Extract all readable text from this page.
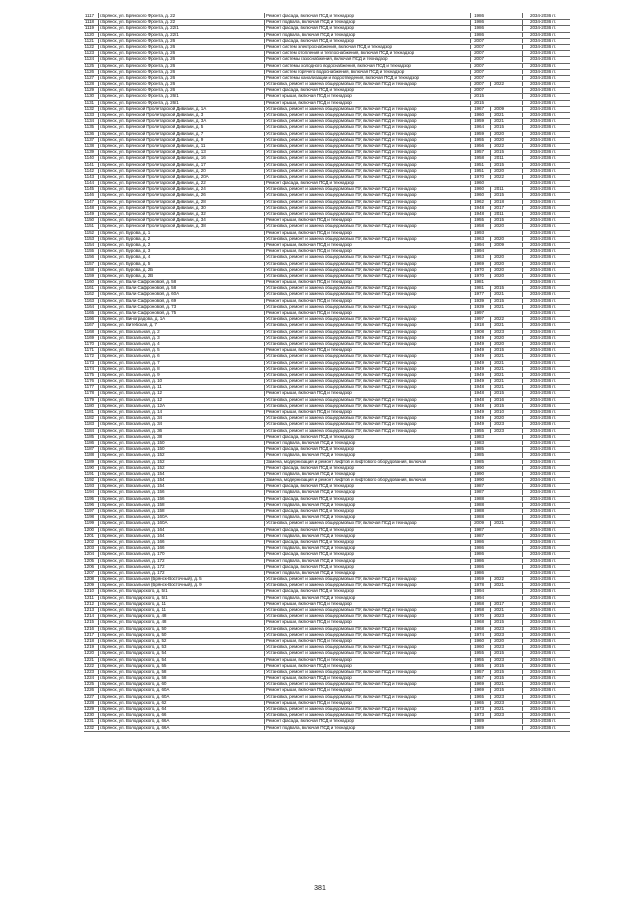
1117	г.Брянск, ул. Брянского Фронта, д. 22	Ремонт фасада, включая ПСД и технадзор	1986	2034-2036 гг.
1118	г.Брянск, ул. Брянского Фронта, д. 22	Ремонт подвала, включая ПСД и технадзор	1986	2034-2036 гг.
1119	г.Брянск, ул. Брянского Фронта, д. 22/1	Ремонт фасада, включая ПСД и технадзор	1986	2034-2036 гг.
1120	г.Брянск, ул. Брянского Фронта, д. 22/1	Ремонт подвала, включая ПСД и технадзор	1986	2034-2036 гг.
1121	г.Брянск, ул. Брянского Фронта, д. 26	Ремонт фасада, включая ПСД и технадзор	2007	2034-2036 гг.
1122	г.Брянск, ул. Брянского Фронта, д. 26	Ремонт систем электроснабжения, включая ПСД и технадзор	2007	2034-2036 гг.
1123	г.Брянск, ул. Брянского Фронта, д. 26	Ремонт систем отопления и теплоснабжения, включая ПСД и технадзор	2007	2034-2036 гг.
1124	г.Брянск, ул. Брянского Фронта, д. 26	Ремонт системы газоснабжения, включая ПСД и технадзор	2007	2034-2036 гг.
1125	г.Брянск, ул. Брянского Фронта, д. 26	Ремонт системы холодного водоснабжения, включая ПСД и технадзор	2007	2034-2036 гг.
1126	г.Брянск, ул. Брянского Фронта, д. 26	Ремонт систем горячего водоснабжения, включая ПСД и технадзор	2007	2034-2036 гг.
1127	г.Брянск, ул. Брянского Фронта, д. 26	Ремонт системы канализации и водоотведения, включая ПСД и технадзор	2007	2034-2036 гг.
1128	г.Брянск, ул. Брянского Фронта, д. 26	Установка, ремонт и замена общедомовых ПУ, включая ПСД и технадзор	2007	2022	2034-2036 гг.
1129	г.Брянск, ул. Брянского Фронта, д. 26	Ремонт фасада, включая ПСД и технадзор	2007	2034-2036 гг.
1130	г.Брянск, ул. Брянского Фронта, д. 26/1	Ремонт крыши, включая ПСД и технадзор	2015	2034-2036 гг.
1131	г.Брянск, ул. Брянского Фронта, д. 26/1	Ремонт крыши, включая ПСД и технадзор	2015	2034-2036 гг.
1132	г.Брянск, ул. Брянской Пролетарской Дивизии, д. 1А	Установка, ремонт и замена общедомовых ПУ, включая ПСД и технадзор	1967	2009	2034-2036 гг.
1133	г.Брянск, ул. Брянской Пролетарской Дивизии, д. 3	Установка, ремонт и замена общедомовых ПУ, включая ПСД и технадзор	1960	2021	2034-2036 гг.
1134	г.Брянск, ул. Брянской Пролетарской Дивизии, д. 3А	Установка, ремонт и замена общедомовых ПУ, включая ПСД и технадзор	1959	2021	2034-2036 гг.
1135	г.Брянск, ул. Брянской Пролетарской Дивизии, д. 5	Установка, ремонт и замена общедомовых ПУ, включая ПСД и технадзор	1964	2015	2034-2036 гг.
1136	г.Брянск, ул. Брянской Пролетарской Дивизии, д. 7	Установка, ремонт и замена общедомовых ПУ, включая ПСД и технадзор	1959	2020	2034-2036 гг.
1137	г.Брянск, ул. Брянской Пролетарской Дивизии, д. 9	Установка, ремонт и замена общедомовых ПУ, включая ПСД и технадзор	1955	2020	2034-2036 гг.
1138	г.Брянск, ул. Брянской Пролетарской Дивизии, д. 11	Установка, ремонт и замена общедомовых ПУ, включая ПСД и технадзор	1956	2022	2034-2036 гг.
1139	г.Брянск, ул. Брянской Пролетарской Дивизии, д. 13	Установка, ремонт и замена общедомовых ПУ, включая ПСД и технадзор	1957	2015	2034-2036 гг.
1140	г.Брянск, ул. Брянской Пролетарской Дивизии, д. 16	Установка, ремонт и замена общедомовых ПУ, включая ПСД и технадзор	1958	2011	2034-2036 гг.
1141	г.Брянск, ул. Брянской Пролетарской Дивизии, д. 17	Установка, ремонт и замена общедомовых ПУ, включая ПСД и технадзор	1951	2015	2034-2036 гг.
1142	г.Брянск, ул. Брянской Пролетарской Дивизии, д. 20	Установка, ремонт и замена общедомовых ПУ, включая ПСД и технадзор	1951	2020	2034-2036 гг.
1143	г.Брянск, ул. Брянской Пролетарской Дивизии, д. 20А	Установка, ремонт и замена общедомовых ПУ, включая ПСД и технадзор	1970	2022	2034-2036 гг.
1144	г.Брянск, ул. Брянской Пролетарской Дивизии, д. 22	Ремонт фасада, включая ПСД и технадзор	1960	2034-2036 гг.
1145	г.Брянск, ул. Брянской Пролетарской Дивизии, д. 24	Установка, ремонт и замена общедомовых ПУ, включая ПСД и технадзор	1960	2011	2034-2036 гг.
1146	г.Брянск, ул. Брянской Пролетарской Дивизии, д. 26	Установка, ремонт и замена общедомовых ПУ, включая ПСД и технадзор	1960	2015	2034-2036 гг.
1147	г.Брянск, ул. Брянской Пролетарской Дивизии, д. 28	Установка, ремонт и замена общедомовых ПУ, включая ПСД и технадзор	1962	2018	2034-2036 гг.
1148	г.Брянск, ул. Брянской Пролетарской Дивизии, д. 30	Установка, ремонт и замена общедомовых ПУ, включая ПСД и технадзор	1948	2017	2034-2036 гг.
1149	г.Брянск, ул. Брянской Пролетарской Дивизии, д. 32	Установка, ремонт и замена общедомовых ПУ, включая ПСД и технадзор	1948	2011	2034-2036 гг.
1150	г.Брянск, ул. Брянской Пролетарской Дивизии, д. 34	Ремонт крыши, включая ПСД и технадзор	1955	2015	2034-2036 гг.
1151	г.Брянск, ул. Брянской Пролетарской Дивизии, д. 38	Установка, ремонт и замена общедомовых ПУ, включая ПСД и технадзор	1958	2020	2034-2036 гг.
1152	г.Брянск, ул. Бурова, д. 1	Ремонт крыши, включая ПСД и технадзор	1993	2034-2036 гг.
1153	г.Брянск, ул. Бурова, д. 2	Установка, ремонт и замена общедомовых ПУ, включая ПСД и технадзор	1963	2020	2034-2036 гг.
1154	г.Брянск, ул. Бурова, д. 2	Ремонт крыши, включая ПСД и технадзор	1994	2009	2034-2036 гг.
1155	г.Брянск, ул. Бурова, д. 3	Ремонт крыши, включая ПСД и технадзор	1994	2034-2036 гг.
1156	г.Брянск, ул. Бурова, д. 4	Установка, ремонт и замена общедомовых ПУ, включая ПСД и технадзор	1963	2020	2034-2036 гг.
1157	г.Брянск, ул. Бурова, д. 5	Установка, ремонт и замена общедомовых ПУ, включая ПСД и технадзор	1969	2020	2034-2036 гг.
1158	г.Брянск, ул. Бурова, д. 2Б	Установка, ремонт и замена общедомовых ПУ, включая ПСД и технадзор	1970	2020	2034-2036 гг.
1159	г.Брянск, ул. Бурова, д. 2В	Установка, ремонт и замена общедомовых ПУ, включая ПСД и технадзор	1970	2020	2034-2036 гг.
1160	г.Брянск, ул. Вали Сафроновой, д. 58	Ремонт крыши, включая ПСД и технадзор	1981	2034-2036 гг.
1161	г.Брянск, ул. Вали Сафроновой, д. 58	Установка, ремонт и замена общедомовых ПУ, включая ПСД и технадзор	1981	2015	2034-2036 гг.
1162	г.Брянск, ул. Вали Сафроновой, д. 60А	Установка, ремонт и замена общедомовых ПУ, включая ПСД и технадзор	1977	2021	2034-2036 гг.
1163	г.Брянск, ул. Вали Сафроновой, д. 69	Ремонт крыши, включая ПСД и технадзор	1939	2015	2034-2036 гг.
1164	г.Брянск, ул. Вали Сафроновой, д. 73	Установка, ремонт и замена общедомовых ПУ, включая ПСД и технадзор	1939	2021	2034-2036 гг.
1165	г.Брянск, ул. Вали Сафроновой, д. 75	Ремонт крыши, включая ПСД и технадзор	1997	2034-2036 гг.
1166	г.Брянск, ул. Виноградова, д. 1А	Установка, ремонт и замена общедомовых ПУ, включая ПСД и технадзор	1997	2022	2034-2036 гг.
1167	г.Брянск, ул. Витебская, д. 7	Установка, ремонт и замена общедомовых ПУ, включая ПСД и технадзор	1918	2021	2034-2036 гг.
1168	г.Брянск, ул. Вокзальная, д. 2	Установка, ремонт и замена общедомовых ПУ, включая ПСД и технадзор	1908	2023	2034-2036 гг.
1169	г.Брянск, ул. Вокзальная, д. 3	Установка, ремонт и замена общедомовых ПУ, включая ПСД и технадзор	1949	2020	2034-2036 гг.
1170	г.Брянск, ул. Вокзальная, д. 4	Установка, ремонт и замена общедомовых ПУ, включая ПСД и технадзор	1949	2020	2034-2036 гг.
1171	г.Брянск, ул. Вокзальная, д. 5	Ремонт крыши, включая ПСД и технадзор	1949	2015	2034-2036 гг.
1172	г.Брянск, ул. Вокзальная, д. 6	Установка, ремонт и замена общедомовых ПУ, включая ПСД и технадзор	1949	2021	2034-2036 гг.
1173	г.Брянск, ул. Вокзальная, д. 7	Установка, ремонт и замена общедомовых ПУ, включая ПСД и технадзор	1949	2021	2034-2036 гг.
1174	г.Брянск, ул. Вокзальная, д. 8	Установка, ремонт и замена общедомовых ПУ, включая ПСД и технадзор	1949	2021	2034-2036 гг.
1175	г.Брянск, ул. Вокзальная, д. 9	Установка, ремонт и замена общедомовых ПУ, включая ПСД и технадзор	1949	2021	2034-2036 гг.
1176	г.Брянск, ул. Вокзальная, д. 10	Установка, ремонт и замена общедомовых ПУ, включая ПСД и технадзор	1949	2021	2034-2036 гг.
1177	г.Брянск, ул. Вокзальная, д. 11	Установка, ремонт и замена общедомовых ПУ, включая ПСД и технадзор	1948	2021	2034-2036 гг.
1178	г.Брянск, ул. Вокзальная, д. 12	Ремонт крыши, включая ПСД и технадзор	1948	2015	2034-2036 гг.
1179	г.Брянск, ул. Вокзальная, д. 12	Установка, ремонт и замена общедомовых ПУ, включая ПСД и технадзор	1948	2016	2034-2036 гг.
1180	г.Брянск, ул. Вокзальная, д. 12А	Установка, ремонт и замена общедомовых ПУ, включая ПСД и технадзор	1948	2015	2034-2036 гг.
1181	г.Брянск, ул. Вокзальная, д. 14	Ремонт крыши, включая ПСД и технадзор	1949	2010	2034-2036 гг.
1182	г.Брянск, ул. Вокзальная, д. 34	Установка, ремонт и замена общедомовых ПУ, включая ПСД и технадзор	1949	2020	2034-2036 гг.
1183	г.Брянск, ул. Вокзальная, д. 34	Установка, ремонт и замена общедомовых ПУ, включая ПСД и технадзор	1949	2023	2034-2036 гг.
1184	г.Брянск, ул. Вокзальная, д. 36	Установка, ремонт и замена общедомовых ПУ, включая ПСД и технадзор	1955	2023	2034-2036 гг.
1185	г.Брянск, ул. Вокзальная, д. 38	Ремонт фасада, включая ПСД и технадзор	1983	2034-2036 гг.
1186	г.Брянск, ул. Вокзальная, д. 150	Ремонт подвала, включая ПСД и технадзор	1983	2034-2036 гг.
1187	г.Брянск, ул. Вокзальная, д. 150	Ремонт фасада, включая ПСД и технадзор	1985	2034-2036 гг.
1188	г.Брянск, ул. Вокзальная, д. 152	Ремонт подвала, включая ПСД и технадзор	1985	2034-2036 гг.
1189	г.Брянск, ул. Вокзальная, д. 152	Замена, модернизация и ремонт лифтов и лифтового оборудования, включая	1985	2034-2036 гг.
1190	г.Брянск, ул. Вокзальная, д. 152	Ремонт фасада, включая ПСД и технадзор	1990	2034-2036 гг.
1191	г.Брянск, ул. Вокзальная, д. 154	Ремонт подвала, включая ПСД и технадзор	1990	2034-2036 гг.
1192	г.Брянск, ул. Вокзальная, д. 154	Замена, модернизация и ремонт лифтов и лифтового оборудования, включая	1990	2034-2036 гг.
1193	г.Брянск, ул. Вокзальная, д. 154	Ремонт фасада, включая ПСД и технадзор	1987	2034-2036 гг.
1194	г.Брянск, ул. Вокзальная, д. 156	Ремонт подвала, включая ПСД и технадзор	1987	2034-2036 гг.
1195	г.Брянск, ул. Вокзальная, д. 156	Ремонт фасада, включая ПСД и технадзор	1988	2034-2036 гг.
1196	г.Брянск, ул. Вокзальная, д. 158	Ремонт подвала, включая ПСД и технадзор	1988	2034-2036 гг.
1197	г.Брянск, ул. Вокзальная, д. 158	Ремонт фасада, включая ПСД и технадзор	1988	2034-2036 гг.
1198	г.Брянск, ул. Вокзальная, д. 160А	Ремонт подвала, включая ПСД и технадзор	1988	2034-2036 гг.
1199	г.Брянск, ул. Вокзальная, д. 160А	Установка, ремонт и замена общедомовых ПУ, включая ПСД и технадзор	2009	2021	2034-2036 гг.
1200	г.Брянск, ул. Вокзальная, д. 164	Ремонт фасада, включая ПСД и технадзор	1987	2034-2036 гг.
1201	г.Брянск, ул. Вокзальная, д. 164	Ремонт подвала, включая ПСД и технадзор	1987	2034-2036 гг.
1202	г.Брянск, ул. Вокзальная, д. 166	Ремонт фасада, включая ПСД и технадзор	1986	2034-2036 гг.
1203	г.Брянск, ул. Вокзальная, д. 166	Ремонт подвала, включая ПСД и технадзор	1986	2034-2036 гг.
1204	г.Брянск, ул. Вокзальная, д. 170	Ремонт фасада, включая ПСД и технадзор	1986	2034-2036 гг.
1205	г.Брянск, ул. Вокзальная, д. 172	Ремонт подвала, включая ПСД и технадзор	1986	2034-2036 гг.
1206	г.Брянск, ул. Вокзальная, д. 172	Ремонт фасада, включая ПСД и технадзор	1986	2034-2036 гг.
1207	г.Брянск, ул. Вокзальная, д. 172	Ремонт подвала, включая ПСД и технадзор	1986	2034-2036 гг.
1208	г.Брянск, ул. Вокзальная (Брянск-Восточный), д. 5	Установка, ремонт и замена общедомовых ПУ, включая ПСД и технадзор	1959	2022	2034-2036 гг.
1209	г.Брянск, ул. Вокзальная (Брянск-Восточный), д. 9	Установка, ремонт и замена общедомовых ПУ, включая ПСД и технадзор	1978	2021	2034-2036 гг.
1210	г.Брянск, ул. Володарского, д. 5/1	Ремонт фасада, включая ПСД и технадзор	1994	2034-2036 гг.
1211	г.Брянск, ул. Володарского, д. 5/1	Ремонт подвала, включая ПСД и технадзор	1994	2034-2036 гг.
1212	г.Брянск, ул. Володарского, д. 11	Ремонт крыши, включая ПСД и технадзор	1958	2017	2034-2036 гг.
1213	г.Брянск, ул. Володарского, д. 11	Установка, ремонт и замена общедомовых ПУ, включая ПСД и технадзор	1958	2021	2034-2036 гг.
1214	г.Брянск, ул. Володарского, д. 48	Установка, ремонт и замена общедомовых ПУ, включая ПСД и технадзор	1970	2023	2034-2036 гг.
1215	г.Брянск, ул. Володарского, д. 48	Ремонт крыши, включая ПСД и технадзор	1968	2015	2034-2036 гг.
1216	г.Брянск, ул. Володарского, д. 50	Установка, ремонт и замена общедомовых ПУ, включая ПСД и технадзор	1968	2023	2034-2036 гг.
1217	г.Брянск, ул. Володарского, д. 50	Установка, ремонт и замена общедомовых ПУ, включая ПСД и технадзор	1974	2023	2034-2036 гг.
1218	г.Брянск, ул. Володарского, д. 52	Ремонт крыши, включая ПСД и технадзор	1960	2020	2034-2036 гг.
1219	г.Брянск, ул. Володарского, д. 53	Установка, ремонт и замена общедомовых ПУ, включая ПСД и технадзор	1960	2023	2034-2036 гг.
1220	г.Брянск, ул. Володарского, д. 54	Установка, ремонт и замена общедомовых ПУ, включая ПСД и технадзор	1955	2015	2034-2036 гг.
1221	г.Брянск, ул. Володарского, д. 54	Ремонт крыши, включая ПСД и технадзор	1955	2023	2034-2036 гг.
1222	г.Брянск, ул. Володарского, д. 55	Ремонт крыши, включая ПСД и технадзор	1955	2015	2034-2036 гг.
1223	г.Брянск, ул. Володарского, д. 58	Установка, ремонт и замена общедомовых ПУ, включая ПСД и технадзор	1957	2015	2034-2036 гг.
1224	г.Брянск, ул. Володарского, д. 58	Ремонт крыши, включая ПСД и технадзор	1957	2015	2034-2036 гг.
1225	г.Брянск, ул. Володарского, д. 60	Установка, ремонт и замена общедомовых ПУ, включая ПСД и технадзор	1969	2021	2034-2036 гг.
1226	г.Брянск, ул. Володарского, д. 60А	Ремонт крыши, включая ПСД и технадзор	1969	2015	2034-2036 гг.
1227	г.Брянск, ул. Володарского, д. 60А	Установка, ремонт и замена общедомовых ПУ, включая ПСД и технадзор	1965	2023	2034-2036 гг.
1228	г.Брянск, ул. Володарского, д. 62	Ремонт крыши, включая ПСД и технадзор	1965	2023	2034-2036 гг.
1229	г.Брянск, ул. Володарского, д. 64	Установка, ремонт и замена общедомовых ПУ, включая ПСД и технадзор	1973	2021	2034-2036 гг.
1230	г.Брянск, ул. Володарского, д. 66	Установка, ремонт и замена общедомовых ПУ, включая ПСД и технадзор	1973	2023	2034-2036 гг.
1231	г.Брянск, ул. Володарского, д. 66А	Ремонт фасада, включая ПСД и технадзор	1989	2034-2036 гг.
1232	г.Брянск, ул. Володарского, д. 66А	Ремонт подвала, включая ПСД и технадзор	1989	2034-2036 гг.
381
